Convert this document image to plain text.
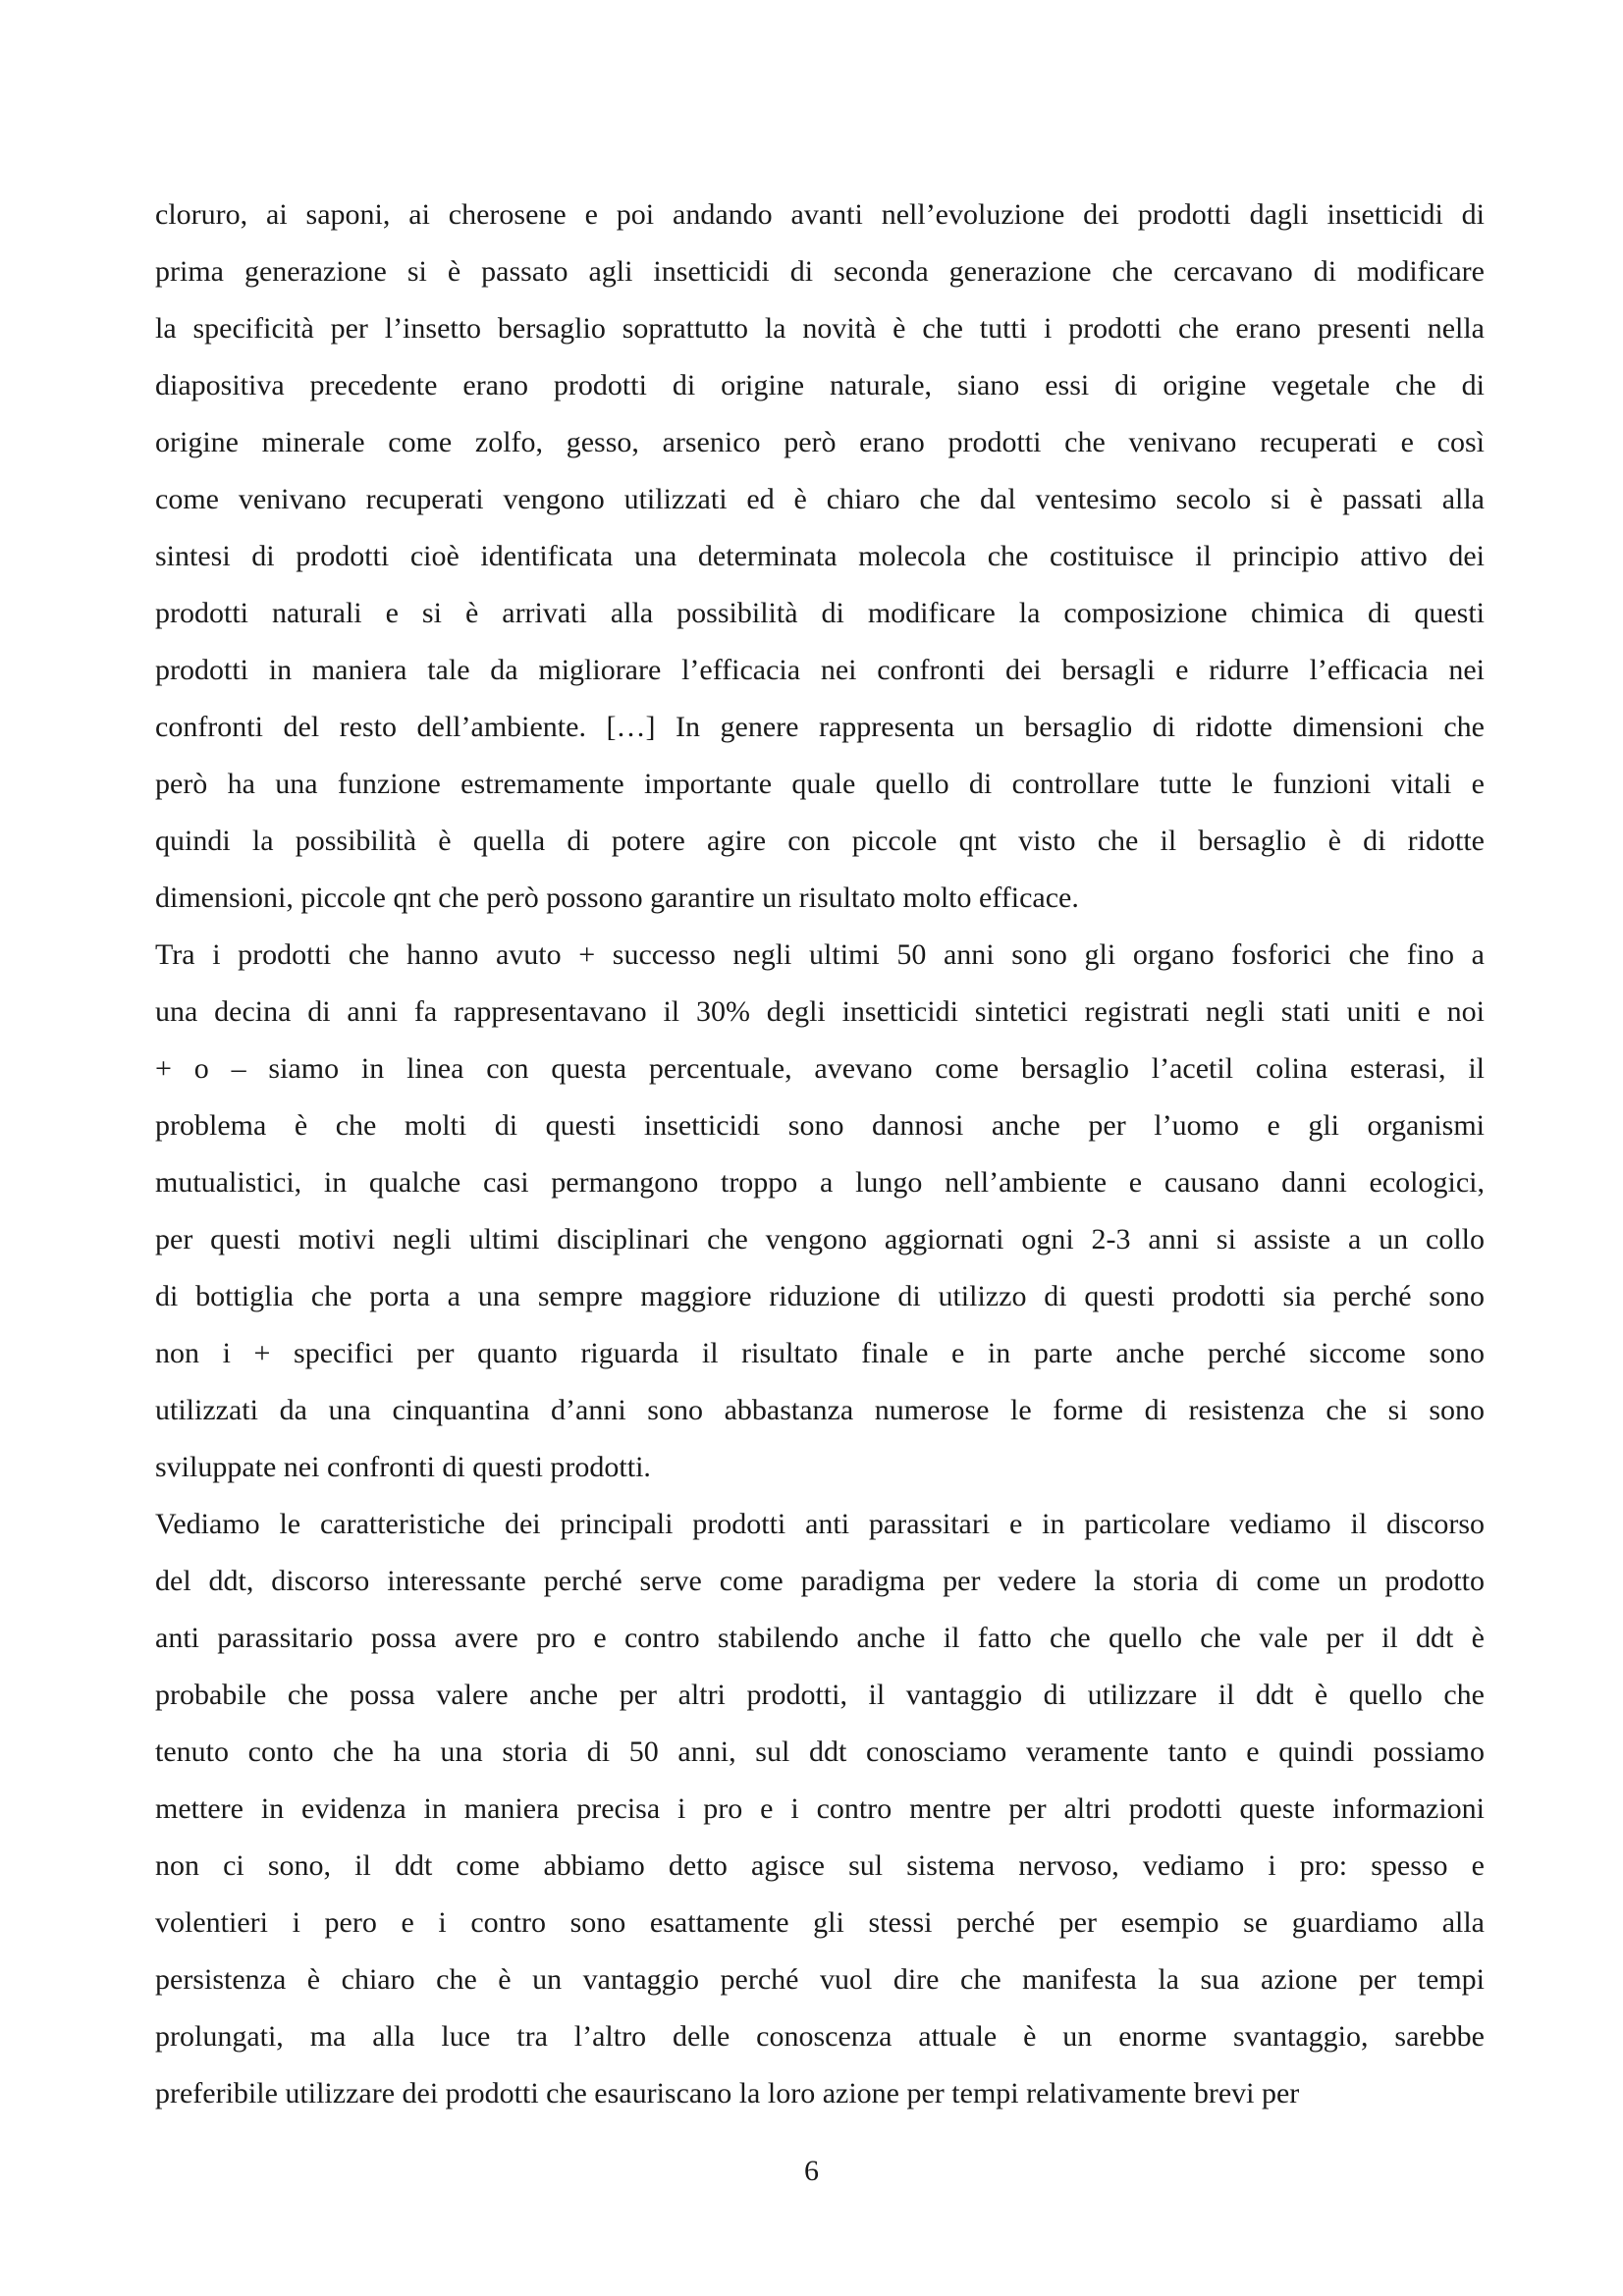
cloruro, ai saponi, ai cherosene e poi andando avanti nell’evoluzione dei prodotti dagli insetticidi di
prima generazione si è passato agli insetticidi di seconda generazione che cercavano di modificare
la specificità per l’insetto bersaglio soprattutto la novità è che tutti i prodotti che erano presenti nella
diapositiva precedente erano prodotti di origine naturale, siano essi di origine vegetale che di
origine minerale come zolfo, gesso, arsenico però erano prodotti che venivano recuperati e così
come venivano recuperati vengono utilizzati ed è chiaro che dal ventesimo secolo si è passati alla
sintesi di prodotti cioè identificata una determinata molecola che costituisce il principio attivo dei
prodotti naturali e si è arrivati alla possibilità di modificare la composizione chimica di questi
prodotti in maniera tale da migliorare l’efficacia nei confronti dei bersagli e ridurre l’efficacia nei
confronti del resto dell’ambiente. […] In genere rappresenta un bersaglio di ridotte dimensioni che
però ha una funzione estremamente importante quale quello di controllare tutte le funzioni vitali e
quindi la possibilità è quella di potere agire con piccole qnt visto che il bersaglio è di ridotte
dimensioni, piccole qnt che però possono garantire un risultato molto efficace.
Tra i prodotti che hanno avuto + successo negli ultimi 50 anni sono gli organo fosforici che fino a
una decina di anni fa rappresentavano il 30% degli insetticidi sintetici registrati negli stati uniti e noi
+ o – siamo in linea con questa percentuale, avevano come bersaglio l’acetil colina esterasi, il
problema è che molti di questi insetticidi sono dannosi anche per l’uomo e gli organismi
mutualistici, in qualche casi permangono troppo a lungo nell’ambiente e causano danni ecologici,
per questi motivi negli ultimi disciplinari che vengono aggiornati ogni 2-3 anni si assiste a un collo
di bottiglia che porta a una sempre maggiore riduzione di utilizzo di questi prodotti sia perché sono
non i + specifici per quanto riguarda il risultato finale e in parte anche perché siccome sono
utilizzati da una cinquantina d’anni sono abbastanza numerose le forme di resistenza che si sono
sviluppate nei confronti di questi prodotti.
Vediamo le caratteristiche dei principali prodotti anti parassitari e in particolare vediamo il discorso
del ddt, discorso interessante perché serve come paradigma per vedere la storia di come un prodotto
anti parassitario possa avere pro e contro stabilendo anche il fatto che quello che vale per il ddt è
probabile che possa valere anche per altri prodotti, il vantaggio di utilizzare il ddt è quello che
tenuto conto che ha una storia di 50 anni, sul ddt conosciamo veramente tanto e quindi possiamo
mettere in evidenza in maniera precisa i pro e i contro mentre per altri prodotti queste informazioni
non ci sono, il ddt come abbiamo detto agisce sul sistema nervoso, vediamo i pro: spesso e
volentieri i pero e i contro sono esattamente gli stessi perché per esempio se guardiamo alla
persistenza è chiaro che è un vantaggio perché vuol dire che manifesta la sua azione per tempi
prolungati, ma alla luce tra l’altro delle conoscenza attuale è un enorme svantaggio, sarebbe
preferibile utilizzare dei prodotti che esauriscano la loro azione per tempi relativamente brevi per
6
